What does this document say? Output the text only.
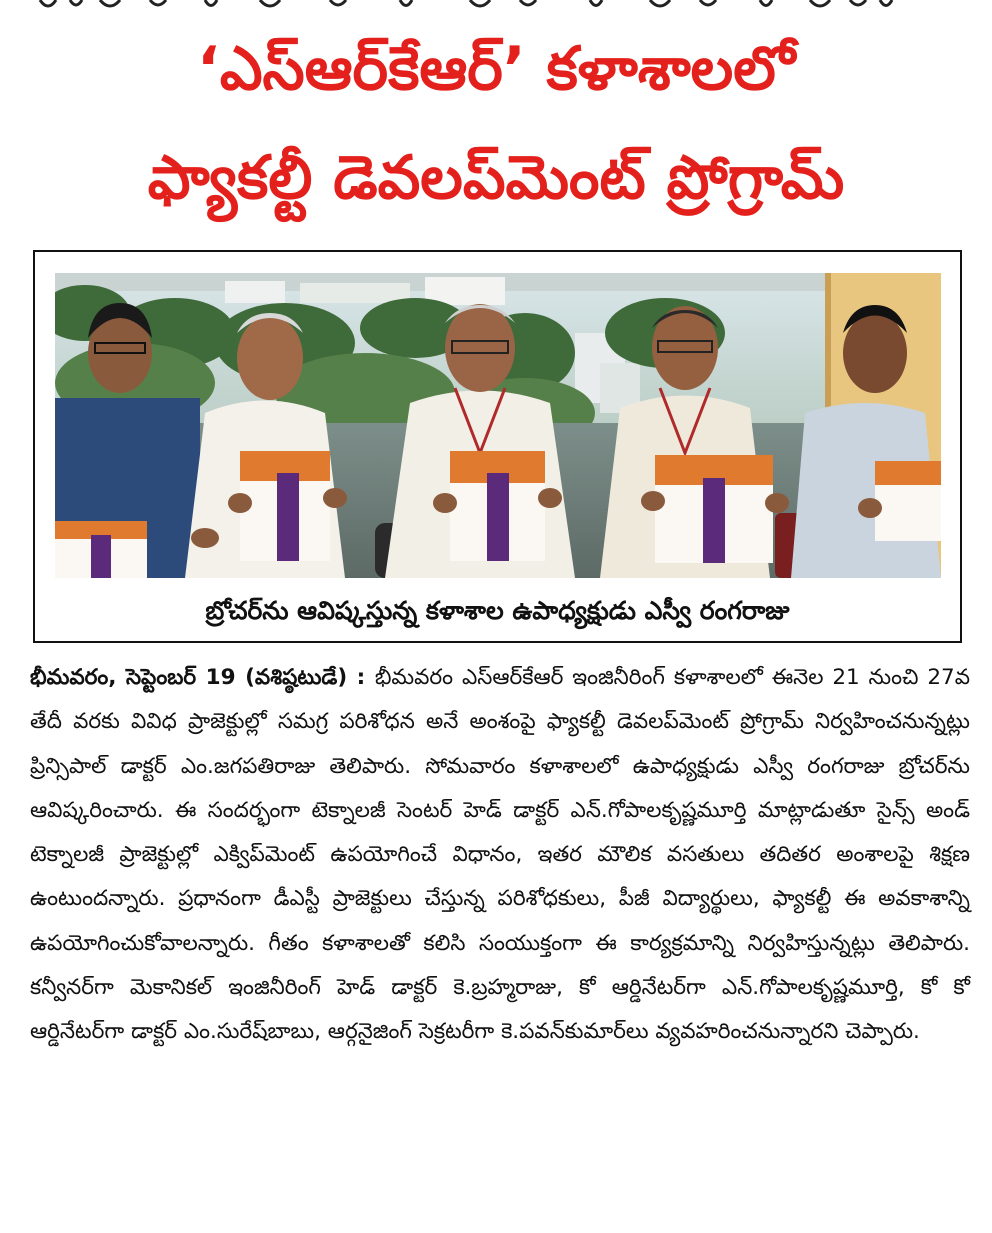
‘ఎస్‌ఆర్‌కేఆర్’ కళాశాలలో
ఫ్యాకల్టీ డెవలప్‌మెంట్ ప్రోగ్రామ్
బ్రోచర్‌ను ఆవిష్కస్తున్న కళాశాల ఉపాధ్యక్షుడు ఎస్వీ రంగరాజు
భీమవరం, సెప్టెంబర్ 19 (వశిష్ఠటుడే) : భీమవరం ఎస్‌ఆర్‌కేఆర్ ఇంజినీరింగ్ కళాశాలలో ఈనెల 21 నుంచి 27వ తేదీ వరకు వివిధ ప్రాజెక్టుల్లో సమగ్ర పరిశోధన అనే అంశంపై ఫ్యాకల్టీ డెవలప్‌మెంట్ ప్రోగ్రామ్ నిర్వహించనున్నట్లు ప్రిన్సిపాల్ డాక్టర్ ఎం.జగపతిరాజు తెలిపారు. సోమవారం కళాశాలలో ఉపాధ్యక్షుడు ఎస్వీ రంగరాజు బ్రోచర్‌ను ఆవిష్కరించారు. ఈ సందర్భంగా టెక్నాలజీ సెంటర్ హెడ్ డాక్టర్ ఎన్.గోపాలకృష్ణమూర్తి మాట్లాడుతూ సైన్స్ అండ్ టెక్నాలజీ ప్రాజెక్టుల్లో ఎక్విప్‌మెంట్ ఉపయోగించే విధానం, ఇతర మౌలిక వసతులు తదితర అంశాలపై శిక్షణ ఉంటుందన్నారు. ప్రధానంగా డీఎస్టీ ప్రాజెక్టులు చేస్తున్న పరిశోధకులు, పీజీ విద్యార్థులు, ఫ్యాకల్టీ ఈ అవకాశాన్ని ఉపయోగించుకోవాలన్నారు. గీతం కళాశాలతో కలిసి సంయుక్తంగా ఈ కార్యక్రమాన్ని నిర్వహిస్తున్నట్లు తెలిపారు. కన్వీనర్‌గా మెకానికల్ ఇంజినీరింగ్ హెడ్ డాక్టర్ కె.బ్రహ్మరాజు, కో ఆర్డినేటర్‌గా ఎన్.గోపాలకృష్ణమూర్తి, కో కో ఆర్డినేటర్‌గా డాక్టర్ ఎం.సురేష్‌బాబు, ఆర్గనైజింగ్ సెక్రటరీగా కె.పవన్‌కుమార్‌లు వ్యవహరించనున్నారని చెప్పారు.
